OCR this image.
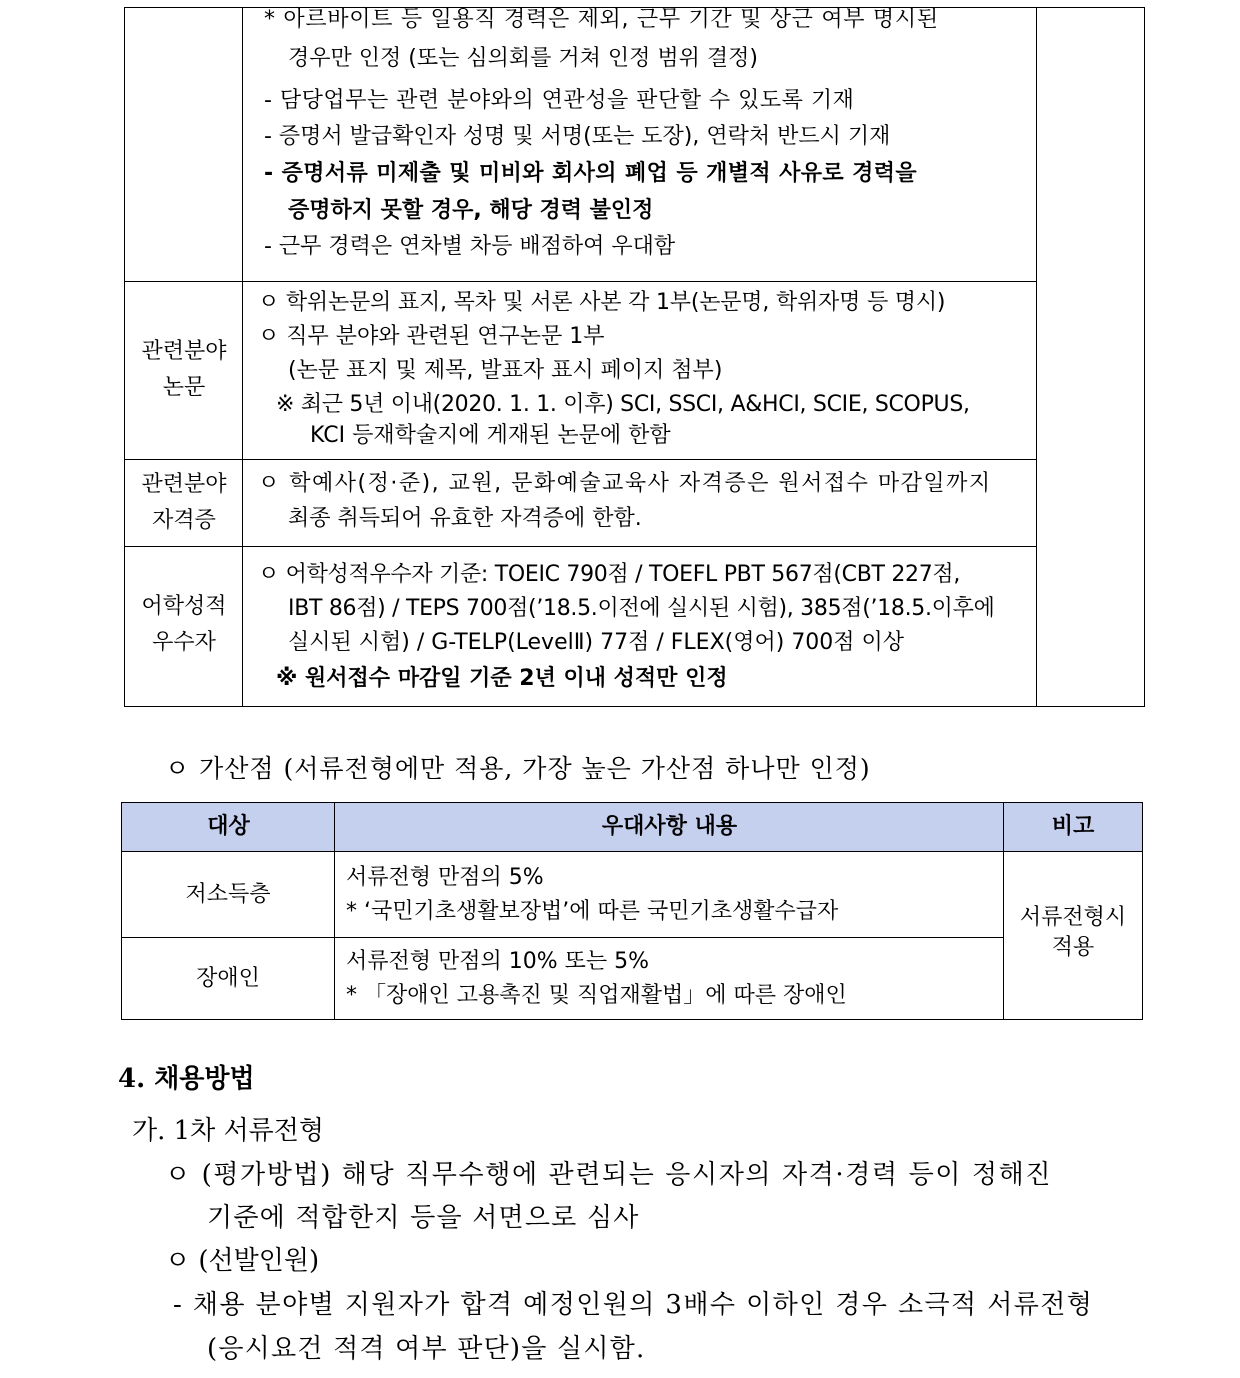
* 아르바이트 등 일용직 경력은 제외, 근무 기간 및 상근 여부 명시된
경우만 인정 (또는 심의회를 거쳐 인정 범위 결정)
- 담당업무는 관련 분야와의 연관성을 판단할 수 있도록 기재
- 증명서 발급확인자 성명 및 서명(또는 도장), 연락처 반드시 기재
- 증명서류 미제출 및 미비와 회사의 폐업 등 개별적 사유로 경력을
증명하지 못할 경우, 해당 경력 불인정
- 근무 경력은 연차별 차등 배점하여 우대함
관련분야
논문
ㅇ 학위논문의 표지, 목차 및 서론 사본 각 1부(논문명, 학위자명 등 명시)
ㅇ 직무 분야와 관련된 연구논문 1부
(논문 표지 및 제목, 발표자 표시 페이지 첨부)
※ 최근 5년 이내(2020. 1. 1. 이후) SCI, SSCI, A&HCI, SCIE, SCOPUS,
KCI 등재학술지에 게재된 논문에 한함
관련분야
자격증
ㅇ 학예사(정·준), 교원, 문화예술교육사 자격증은 원서접수 마감일까지
최종 취득되어 유효한 자격증에 한함.
어학성적
우수자
ㅇ 어학성적우수자 기준: TOEIC 790점 / TOEFL PBT 567점(CBT 227점,
IBT 86점) / TEPS 700점(’18.5.이전에 실시된 시험), 385점(’18.5.이후에
실시된 시험) / G-TELP(LevelⅡ) 77점 / FLEX(영어) 700점 이상
※ 원서접수 마감일 기준 2년 이내 성적만 인정
ㅇ 가산점 (서류전형에만 적용, 가장 높은 가산점 하나만 인정)
대상	우대사항 내용	비고
저소득층
서류전형 만점의 5%
* ‘국민기초생활보장법’에 따른 국민기초생활수급자
장애인
서류전형 만점의 10% 또는 5%
* 「장애인 고용촉진 및 직업재활법」에 따른 장애인
서류전형시
적용
4. 채용방법
가. 1차 서류전형
ㅇ (평가방법) 해당 직무수행에 관련되는 응시자의 자격·경력 등이 정해진
기준에 적합한지 등을 서면으로 심사
ㅇ (선발인원)
- 채용 분야별 지원자가 합격 예정인원의 3배수 이하인 경우 소극적 서류전형
(응시요건 적격 여부 판단)을 실시함.
